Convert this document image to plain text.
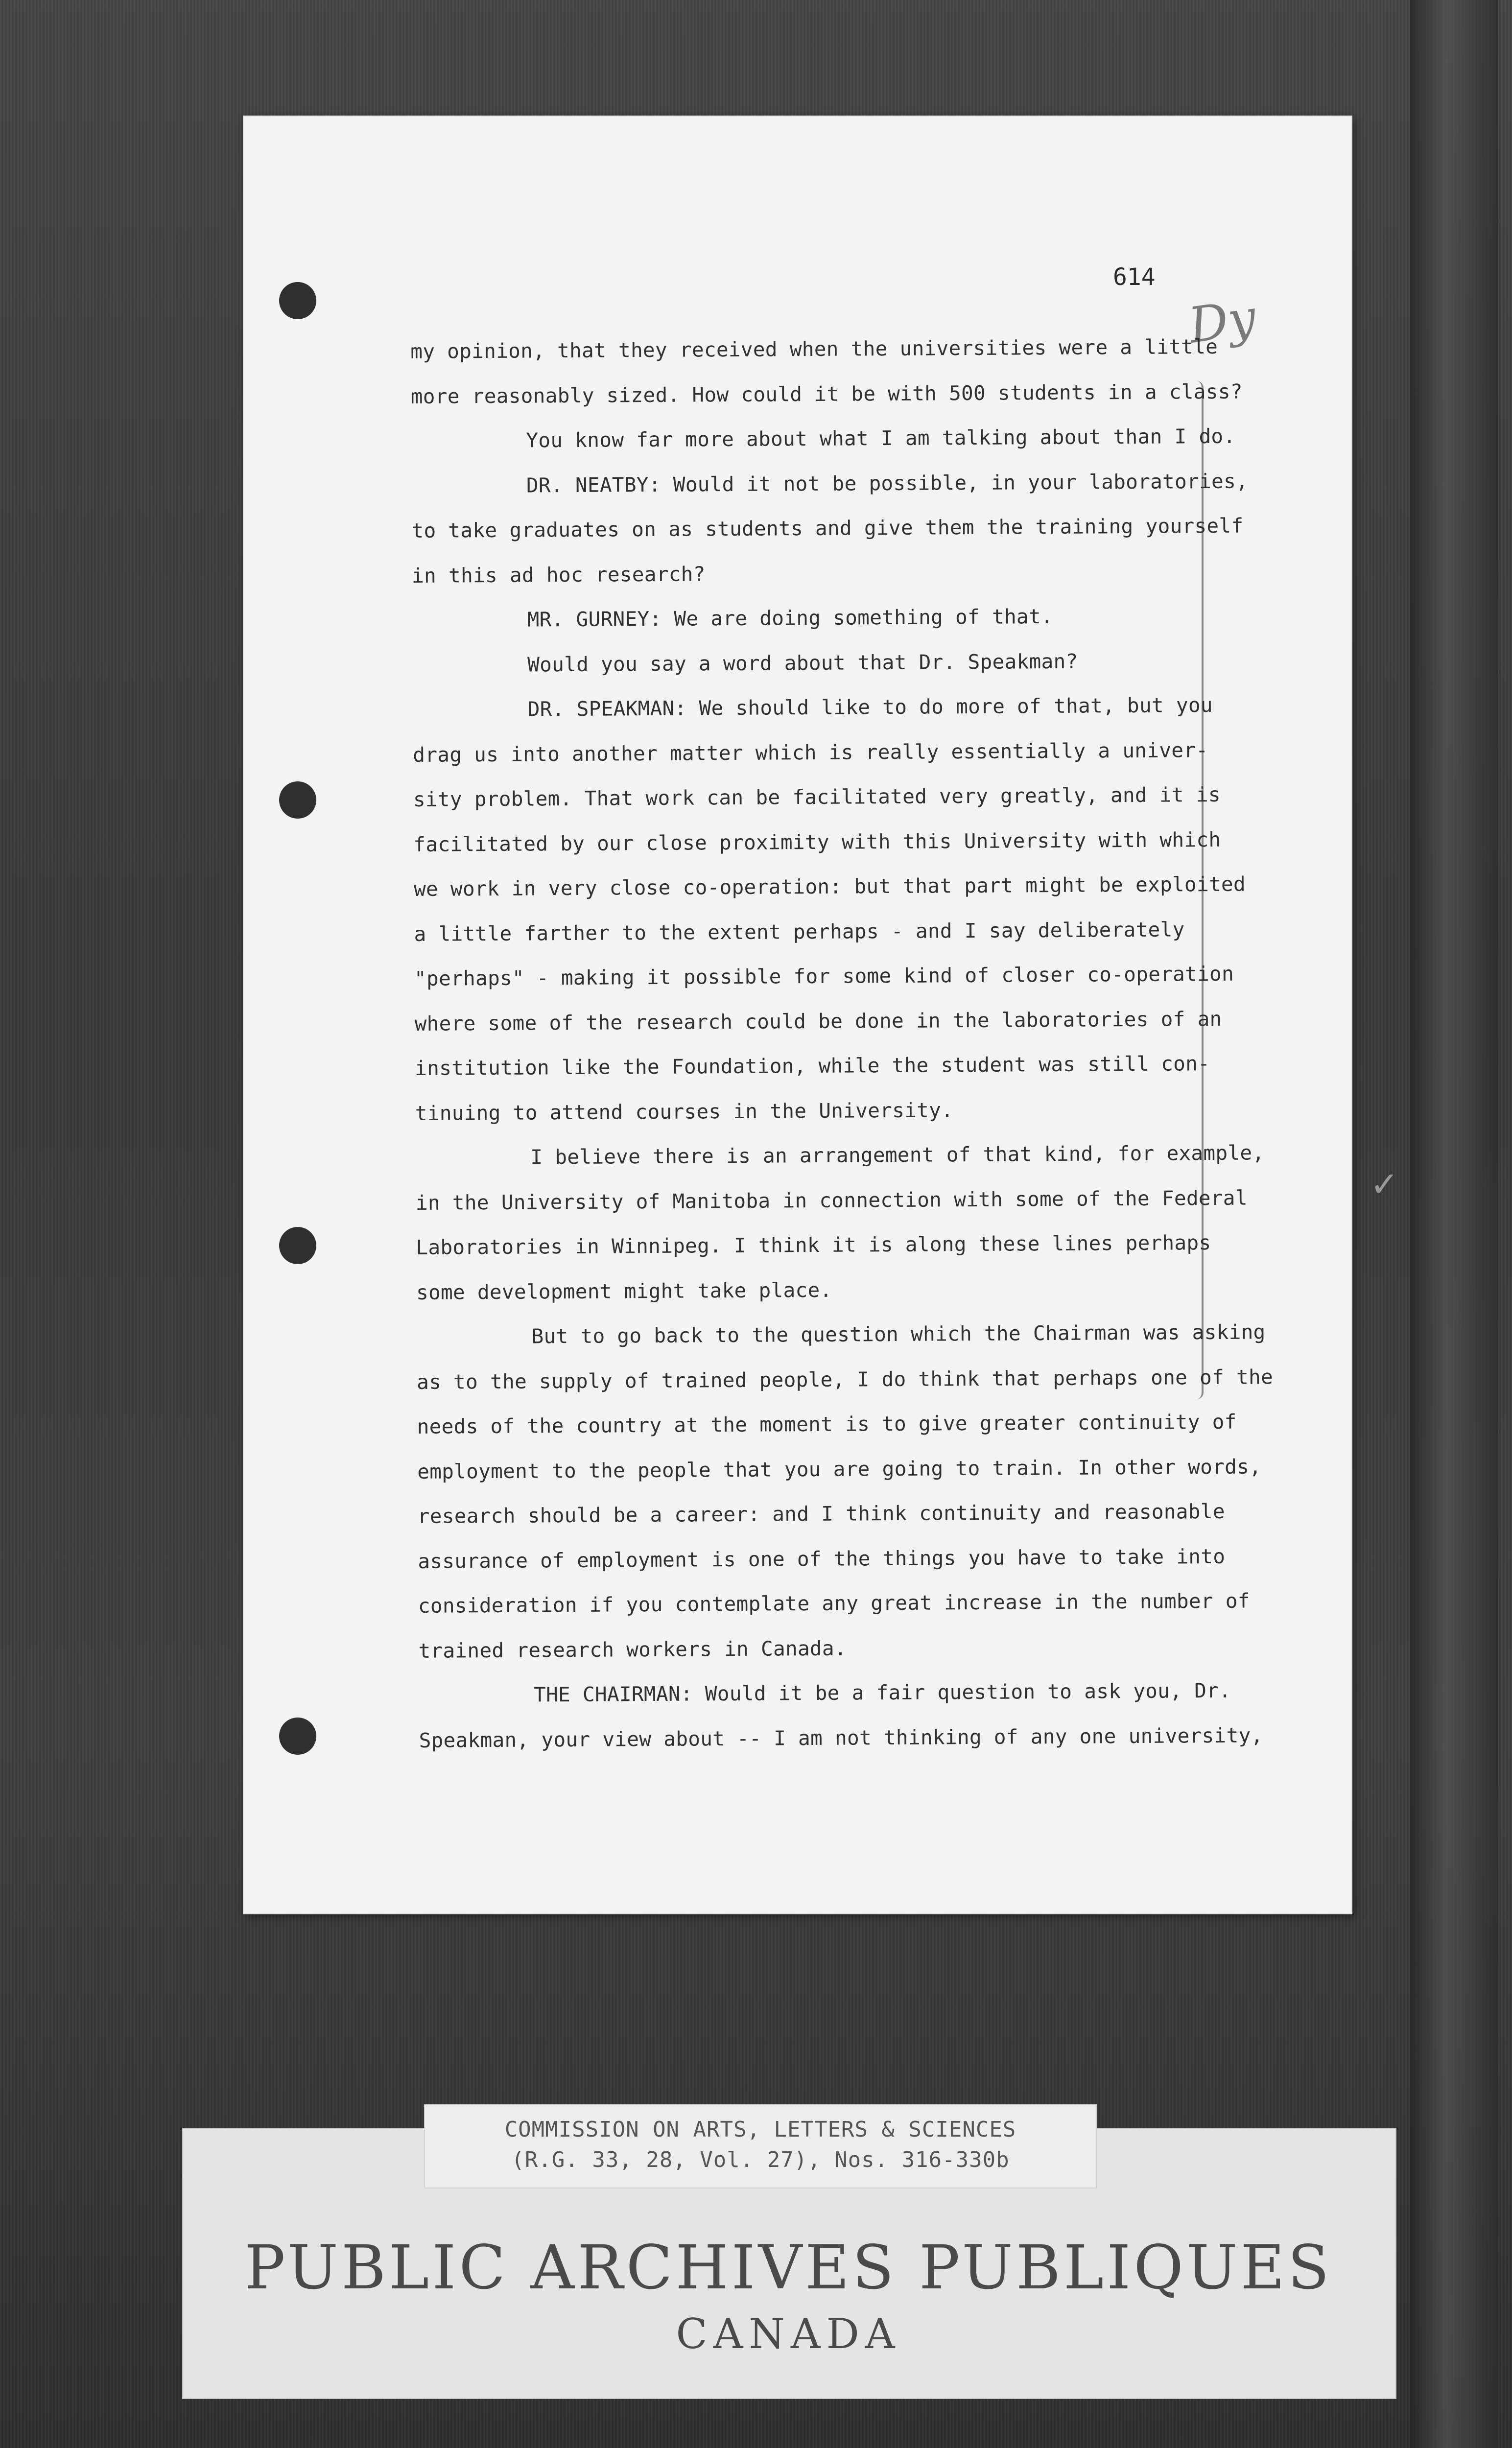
614
Dy
✓
my opinion, that they received when the universities were a little
more reasonably sized. How could it be with 500 students in a class?
You know far more about what I am talking about than I do.
DR. NEATBY: Would it not be possible, in your laboratories,
to take graduates on as students and give them the training yourself
in this ad hoc research?
MR. GURNEY: We are doing something of that.
Would you say a word about that Dr. Speakman?
DR. SPEAKMAN: We should like to do more of that, but you
drag us into another matter which is really essentially a univer-
sity problem. That work can be facilitated very greatly, and it is
facilitated by our close proximity with this University with which
we work in very close co-operation: but that part might be exploited
a little farther to the extent perhaps - and I say deliberately
"perhaps" - making it possible for some kind of closer co-operation
where some of the research could be done in the laboratories of an
institution like the Foundation, while the student was still con-
tinuing to attend courses in the University.
I believe there is an arrangement of that kind, for example,
in the University of Manitoba in connection with some of the Federal
Laboratories in Winnipeg. I think it is along these lines perhaps
some development might take place.
But to go back to the question which the Chairman was asking
as to the supply of trained people, I do think that perhaps one of the
needs of the country at the moment is to give greater continuity of
employment to the people that you are going to train. In other words,
research should be a career: and I think continuity and reasonable
assurance of employment is one of the things you have to take into
consideration if you contemplate any great increase in the number of
trained research workers in Canada.
THE CHAIRMAN: Would it be a fair question to ask you, Dr.
Speakman, your view about -- I am not thinking of any one university,
COMMISSION ON ARTS, LETTERS & SCIENCES
(R.G. 33, 28, Vol. 27), Nos. 316-330b
PUBLIC ARCHIVES PUBLIQUES
CANADA
